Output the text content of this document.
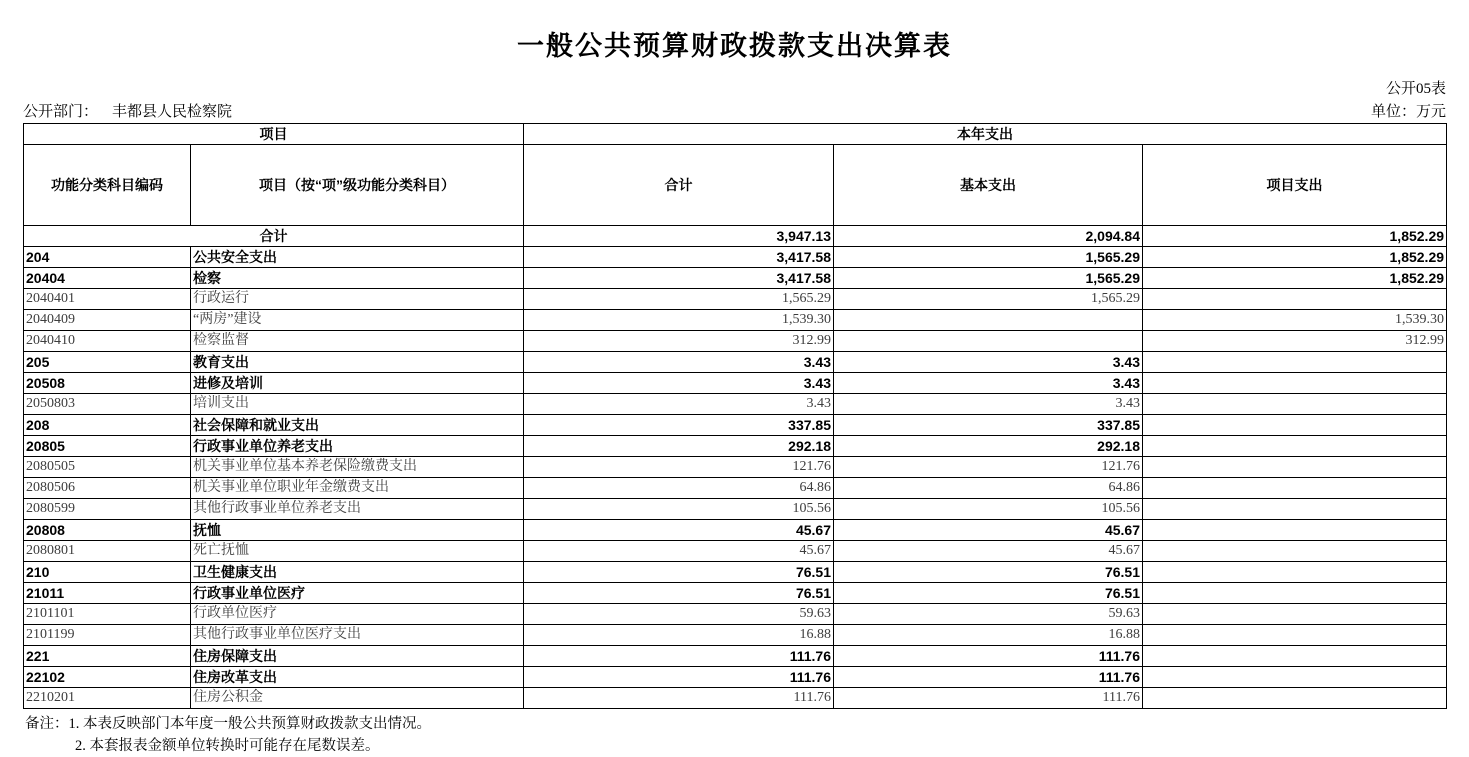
一般公共预算财政拨款支出决算表
公开05表
公开部门： 丰都县人民检察院	单位：万元
项目		本年支出		
功能分类科目编码	项目（按“项”级功能分类科目）	合计	基本支出	项目支出
合计		3,947.13	2,094.84	1,852.29
204	公共安全支出	3,417.58	1,565.29	1,852.29
20404	检察	3,417.58	1,565.29	1,852.29
2040401	行政运行	1,565.29	1,565.29	
2040409	“两房”建设	1,539.30		1,539.30
2040410	检察监督	312.99		312.99
205	教育支出	3.43	3.43	
20508	进修及培训	3.43	3.43	
2050803	培训支出	3.43	3.43	
208	社会保障和就业支出	337.85	337.85	
20805	行政事业单位养老支出	292.18	292.18	
2080505	机关事业单位基本养老保险缴费支出	121.76	121.76	
2080506	机关事业单位职业年金缴费支出	64.86	64.86	
2080599	其他行政事业单位养老支出	105.56	105.56	
20808	抚恤	45.67	45.67	
2080801	死亡抚恤	45.67	45.67	
210	卫生健康支出	76.51	76.51	
21011	行政事业单位医疗	76.51	76.51	
2101101	行政单位医疗	59.63	59.63	
2101199	其他行政事业单位医疗支出	16.88	16.88	
221	住房保障支出	111.76	111.76	
22102	住房改革支出	111.76	111.76	
2210201	住房公积金	111.76	111.76	
备注：1. 本表反映部门本年度一般公共预算财政拨款支出情况。
2. 本套报表金额单位转换时可能存在尾数误差。
